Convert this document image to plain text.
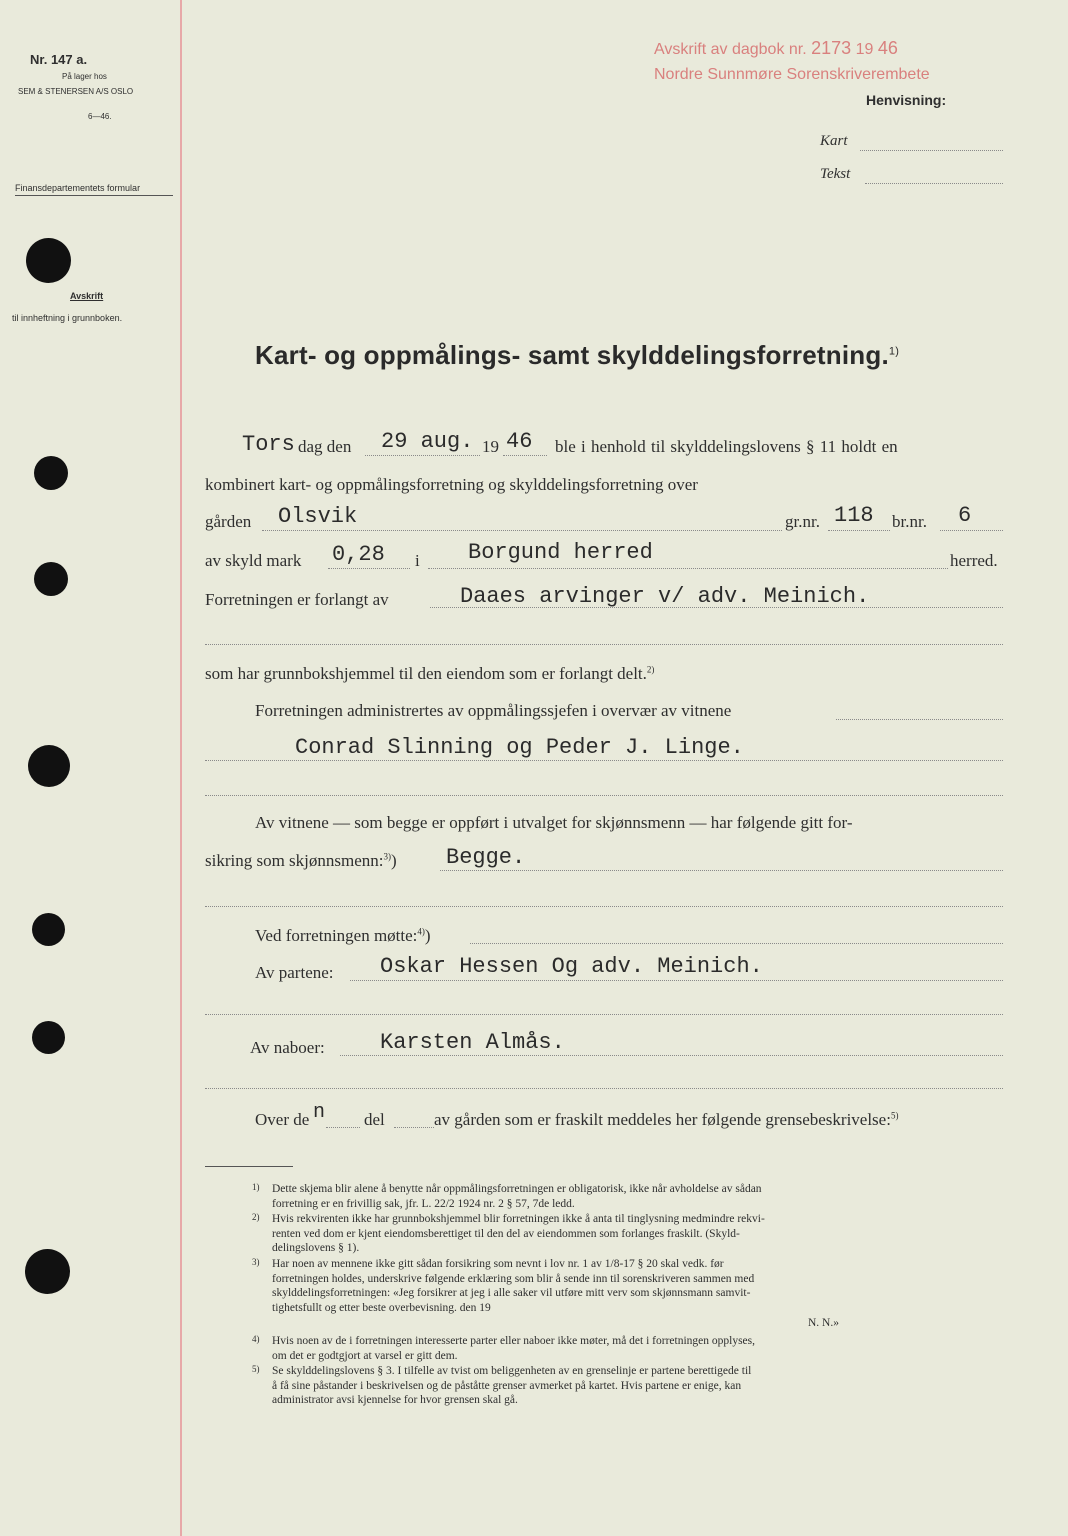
Nr. 147 a.
På lager hos
SEM & STENERSEN A/S OSLO
6—46.
Finansdepartementets formular
Avskrift
til innheftning i grunnboken.
Avskrift av dagbok nr. 2173 19 46
Nordre Sunnmøre Sorenskriverembete
Henvisning:
Kart
Tekst
Kart- og oppmålings- samt skylddelingsforretning.$^{1)}$
Tors dag den 29 aug. 19 46 ble i henhold til skylddelingslovens § 11 holdt en
kombinert kart- og oppmålingsforretning og skylddelingsforretning over
gården Olsvik	gr.nr. 118 br.nr. 6
av skyld mark 0,28 i Borgund herred	herred.
Forretningen er forlangt av	Daaes arvinger v/ adv. Meinich.
som har grunnbokshjemmel til den eiendom som er forlangt delt.$^{2)}$
Forretningen administrertes av oppmålingssjefen i overvær av vitnene
Conrad Slinning og Peder J. Linge.
Av vitnene — som begge er oppført i utvalget for skjønnsmenn — har følgende gitt for-
sikring som skjønnsmenn:$^{3)}$) Begge.
Ved forretningen møtte:$^{4)}$)
Av partene: Oskar Hessen Og adv. Meinich.
Av naboer:	Karsten Almås.
Over de n del	av gården som er fraskilt meddeles her følgende grensebeskrivelse:$^{5)}$
1) Dette skjema blir alene å benytte når oppmålingsforretningen er obligatorisk, ikke når avholdelse av sådan
forretning er en frivillig sak, jfr. L. 22/2 1924 nr. 2 § 57, 7de ledd.
2) Hvis rekvirenten ikke har grunnbokshjemmel blir forretningen ikke å anta til tinglysning medmindre rekvi-
renten ved dom er kjent eiendomsberettiget til den del av eiendommen som forlanges fraskilt. (Skyld-
delingslovens § 1).
3) Har noen av mennene ikke gitt sådan forsikring som nevnt i lov nr. 1 av 1/8-17 § 20 skal vedk. før
forretningen holdes, underskrive følgende erklæring som blir å sende inn til sorenskriveren sammen med
skylddelingsforretningen: «Jeg forsikrer at jeg i alle saker vil utføre mitt verv som skjønnsmann samvit-
tighetsfullt og etter beste overbevisning. den 19
N. N.»
4) Hvis noen av de i forretningen interesserte parter eller naboer ikke møter, må det i forretningen opplyses,
om det er godtgjort at varsel er gitt dem.
5) Se skylddelingslovens § 3. I tilfelle av tvist om beliggenheten av en grenselinje er partene berettigede til
å få sine påstander i beskrivelsen og de påståtte grenser avmerket på kartet. Hvis partene er enige, kan
administrator avsi kjennelse for hvor grensen skal gå.
